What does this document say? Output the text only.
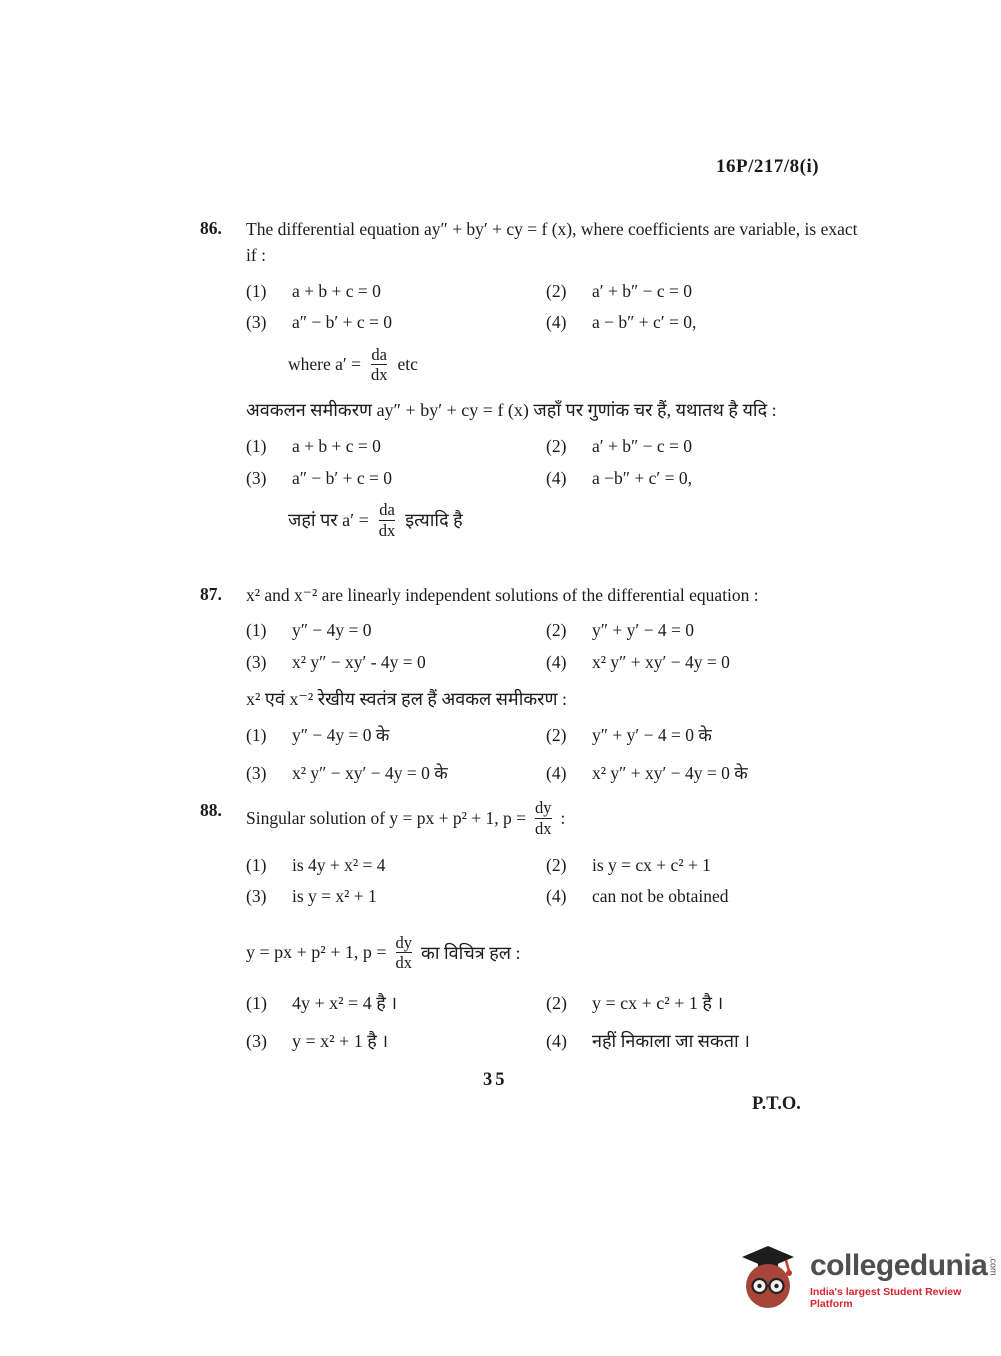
16P/217/8(i)
86.	The differential equation ay″ + by′ + cy = f (x), where coefficients are variable, is exact if :

(1)	a + b + c = 0	(2)	a′ + b″ − c = 0
(3)	a″ − b′ + c = 0	(4)	a − b″ + c′ = 0,
where $a' = \frac{da}{dx}$ etc

अवकलन समीकरण ay″ + by′ + cy = f (x) जहाँ पर गुणांक चर हैं, यथातथ है यदि :

(1)	a + b + c = 0	(2)	a′ + b″ − c = 0
(3)	a″ − b′ + c = 0	(4)	a −b″ + c′ = 0,
जहां पर $a' = \frac{da}{dx}$ इत्यादि है
87.	x² and x⁻² are linearly independent solutions of the differential equation :

(1)	y″ − 4y = 0	(2)	y″ + y′ − 4 = 0
(3)	x² y″ − xy′ - 4y = 0	(4)	x² y″ + xy′ − 4y = 0

x² एवं x⁻² रेखीय स्वतंत्र हल हैं अवकल समीकरण :

(1)	y″ − 4y = 0 के	(2)	y″ + y′ − 4 = 0 के
(3)	x² y″ − xy′ − 4y = 0 के	(4)	x² y″ + xy′ − 4y = 0 के
88.	Singular solution of y = px + p² + 1, $p = \frac{dy}{dx}$ :
(1)	is 4y + x² = 4	(2)	is y = cx + c² + 1
(3)	is y = x² + 1	(4)	can not be obtained
y = px + p² + 1, $p = \frac{dy}{dx}$ का विचित्र हल :
(1)	4y + x² = 4 है ।	(2)	y = cx + c² + 1 है ।
(3)	y = x² + 1 है ।	(4)	नहीं निकाला जा सकता ।
35
P.T.O.
collegedunia .com
India's largest Student Review Platform
